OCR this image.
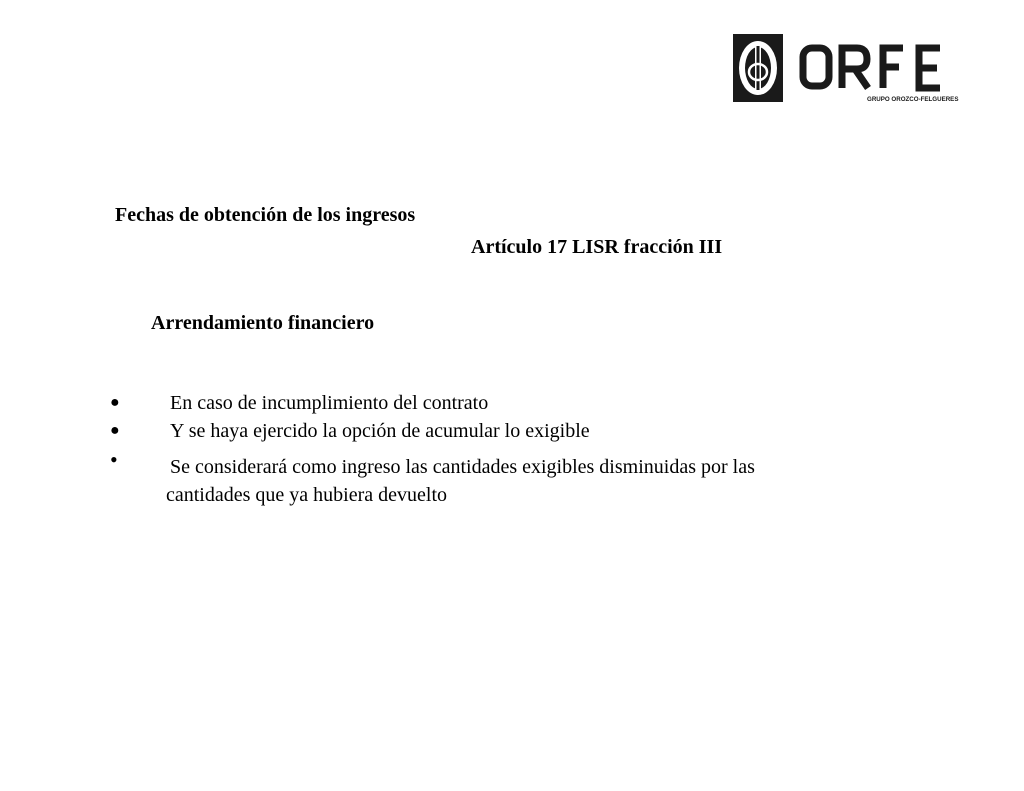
GRUPO OROZCO-FELGUERES
Fechas de obtención de los ingresos
Artículo 17 LISR fracción III
Arrendamiento financiero
●	En caso de incumplimiento del contrato
●	Y se haya ejercido la opción de acumular lo exigible
•	Se considerará como ingreso las cantidades exigibles disminuidas por las
cantidades que ya hubiera devuelto
